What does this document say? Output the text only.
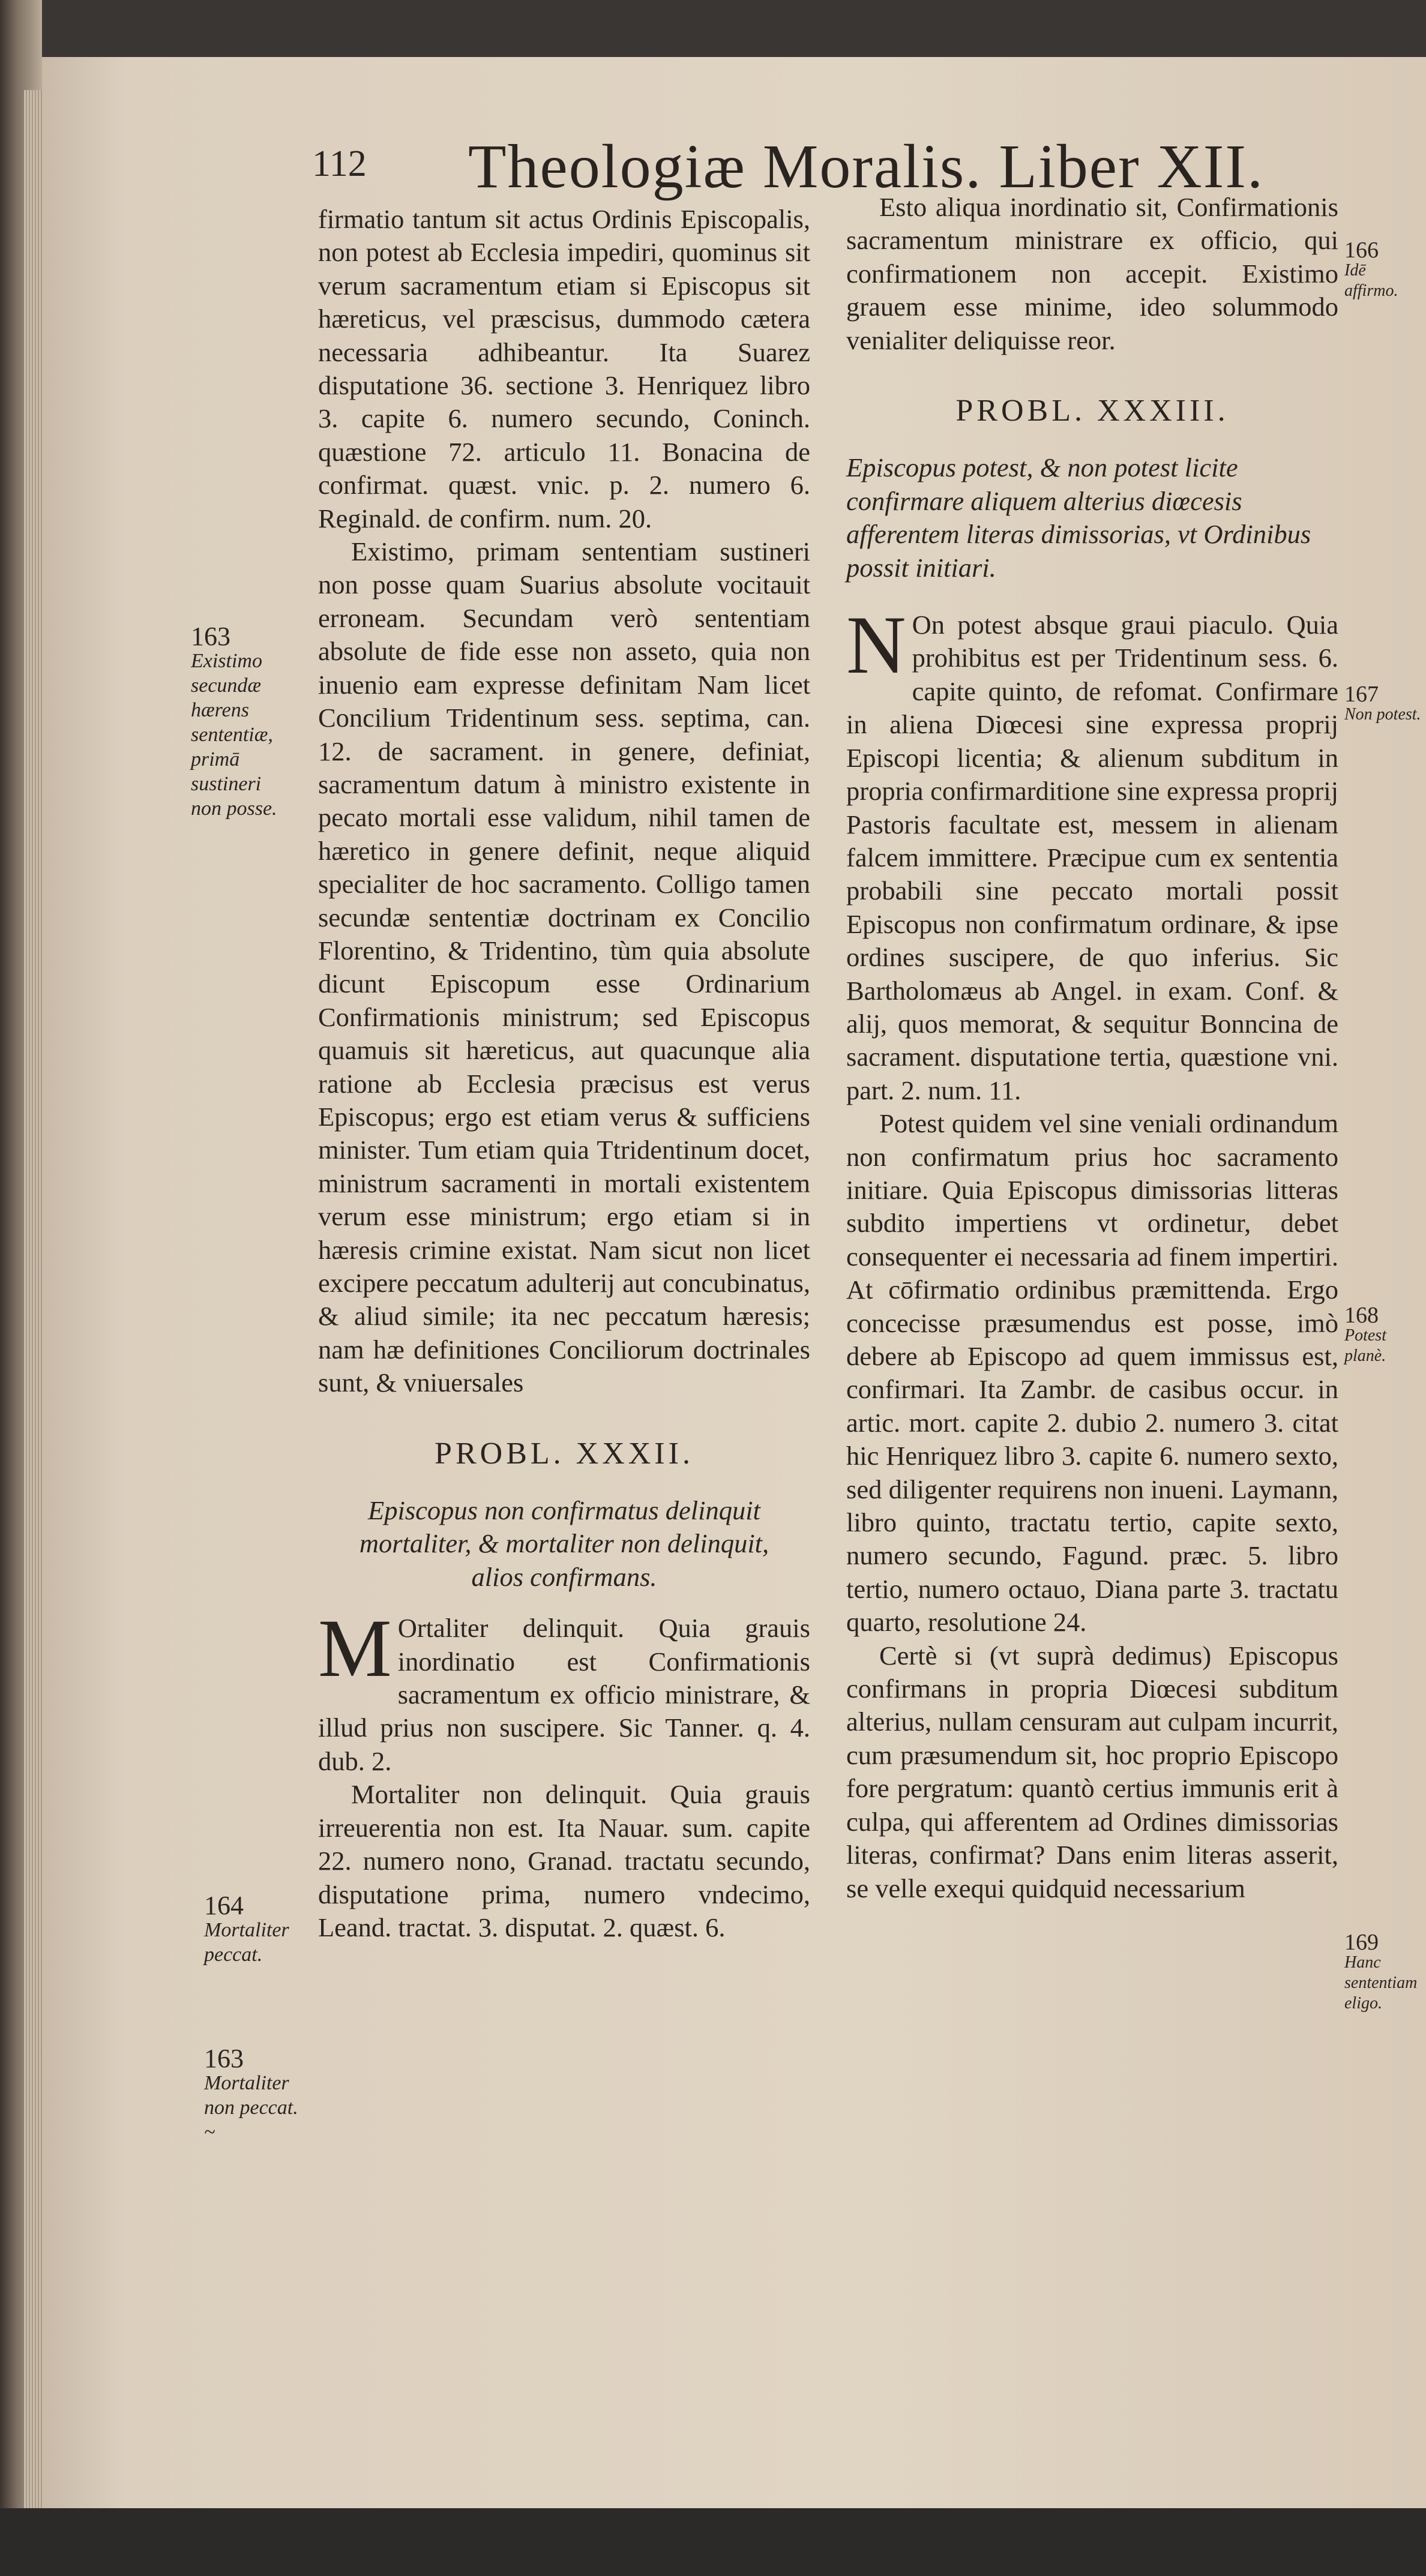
112 Theologiæ Moralis. Liber XII.
163
Existimo secundæ hærens sententiæ, primā sustineri non posse.
164
Mortaliter peccat.
163
Mortaliter non peccat. ~

firmatio tantum sit actus Ordinis Episcopalis, non potest ab Ecclesia impediri, quominus sit verum sacramentum etiam si Episcopus sit hæreticus, vel præscisus, dummodo cætera necessaria adhibeantur. Ita Suarez disputatione 36. sectione 3. Henriquez libro 3. capite 6. numero secundo, Coninch. quæstione 72. articulo 11. Bonacina de confirmat. quæst. vnic. p. 2. numero 6. Reginald. de confirm. num. 20.

Existimo, primam sententiam sustineri non posse quam Suarius absolute vocitauit erroneam. Secundam verò sententiam absolute de fide esse non asseto, quia non inuenio eam expresse definitam Nam licet Concilium Tridentinum sess. septima, can. 12. de sacrament. in genere, definiat, sacramentum datum à ministro existente in pecato mortali esse validum, nihil tamen de hæretico in genere definit, neque aliquid specialiter de hoc sacramento. Colligo tamen secundæ sententiæ doctrinam ex Concilio Florentino, & Tridentino, tùm quia absolute dicunt Episcopum esse Ordinarium Confirmationis ministrum; sed Episcopus quamuis sit hæreticus, aut quacunque alia ratione ab Ecclesia præcisus est verus Episcopus; ergo est etiam verus & sufficiens minister. Tum etiam quia Ttridentinum docet, ministrum sacramenti in mortali existentem verum esse ministrum; ergo etiam si in hæresis crimine existat. Nam sicut non licet excipere peccatum adulterij aut concubinatus, & aliud simile; ita nec peccatum hæresis; nam hæ definitiones Conciliorum doctrinales sunt, & vniuersales

PROBL. XXXII.
Episcopus non confirmatus delinquit mortaliter, & mortaliter non delinquit, alios confirmans.

M Ortaliter delinquit. Quia grauis inordinatio est Confirmationis sacramentum ex officio ministrare, & illud prius non suscipere. Sic Tanner. q. 4. dub. 2.

Mortaliter non delinquit. Quia grauis irreuerentia non est. Ita Nauar. sum. capite 22. numero nono, Granad. tractatu secundo, disputatione prima, numero vndecimo, Leand. tractat. 3. disputat. 2. quæst. 6.

Esto aliqua inordinatio sit, Confirmationis sacramentum ministrare ex officio, qui confirmationem non accepit. Existimo grauem esse minime, ideo solummodo venialiter deliquisse reor.

PROBL. XXXIII.
Episcopus potest, & non potest licite confirmare aliquem alterius diœcesis afferentem literas dimissorias, vt Ordinibus possit initiari.

N On potest absque graui piaculo. Quia prohibitus est per Tridentinum sess. 6. capite quinto, de refomat. Confirmare in aliena Diœcesi sine expressa proprij Episcopi licentia; & alienum subditum in propria confirmarditione sine expressa proprij Pastoris facultate est, messem in alienam falcem immittere. Præcipue cum ex sententia probabili sine peccato mortali possit Episcopus non confirmatum ordinare, & ipse ordines suscipere, de quo inferius. Sic Bartholomæus ab Angel. in exam. Conf. & alij, quos memorat, & sequitur Bonncina de sacrament. disputatione tertia, quæstione vni. part. 2. num. 11.

Potest quidem vel sine veniali ordinandum non confirmatum prius hoc sacramento initiare. Quia Episcopus dimissorias litteras subdito impertiens vt ordinetur, debet consequenter ei necessaria ad finem impertiri. At cōfirmatio ordinibus præmittenda. Ergo concecisse præsumendus est posse, imò debere ab Episcopo ad quem immissus est, confirmari. Ita Zambr. de casibus occur. in artic. mort. capite 2. dubio 2. numero 3. citat hic Henriquez libro 3. capite 6. numero sexto, sed diligenter requirens non inueni. Laymann, libro quinto, tractatu tertio, capite sexto, numero secundo, Fagund. præc. 5. libro tertio, numero octauo, Diana parte 3. tractatu quarto, resolutione 24.

Certè si (vt suprà dedimus) Episcopus confirmans in propria Diœcesi subditum alterius, nullam censuram aut culpam incurrit, cum præsumendum sit, hoc proprio Episcopo fore pergratum: quantò certius immunis erit à culpa, qui afferentem ad Ordines dimissorias literas, confirmat? Dans enim literas asserit, se velle exequi quidquid necessarium

166
Idē affirmo.
167
Non potest.
168
Potest planè.
169
Hanc sententiam eligo.
